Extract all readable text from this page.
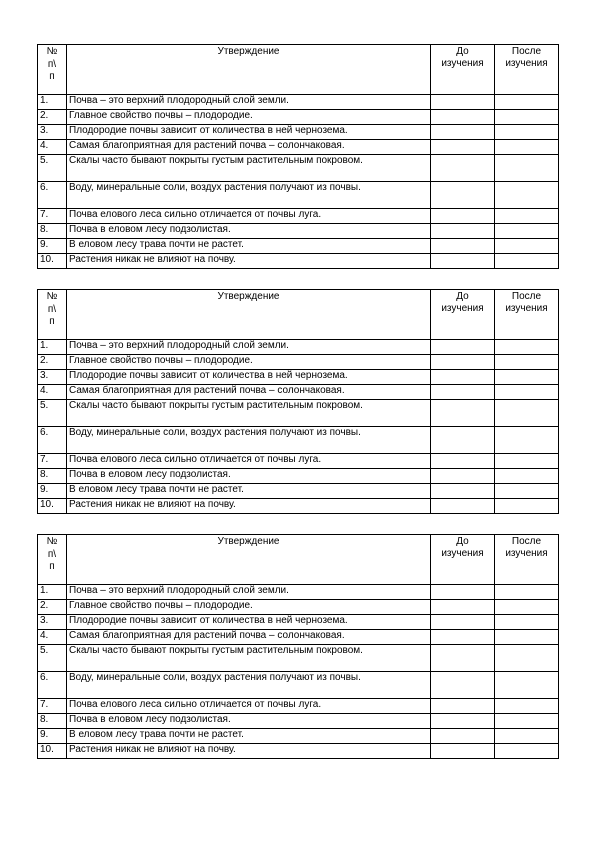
№
п\
п	Утверждение	До
изучения	После
изучения
1.	Почва – это верхний плодородный слой земли.		
2.	Главное свойство почвы – плодородие.		
3.	Плодородие почвы зависит от количества в ней чернозема.		
4.	Самая благоприятная для растений почва – солончаковая.		
5.	Скалы часто бывают покрыты густым растительным покровом.		
6.	Воду, минеральные соли, воздух растения получают из почвы.		
7.	Почва елового леса сильно отличается от почвы луга.		
8.	Почва в еловом лесу подзолистая.		
9.	В еловом лесу трава почти не растет.		
10.	Растения никак не влияют на почву.		
№
п\
п	Утверждение	До
изучения	После
изучения
1.	Почва – это верхний плодородный слой земли.		
2.	Главное свойство почвы – плодородие.		
3.	Плодородие почвы зависит от количества в ней чернозема.		
4.	Самая благоприятная для растений почва – солончаковая.		
5.	Скалы часто бывают покрыты густым растительным покровом.		
6.	Воду, минеральные соли, воздух растения получают из почвы.		
7.	Почва елового леса сильно отличается от почвы луга.		
8.	Почва в еловом лесу подзолистая.		
9.	В еловом лесу трава почти не растет.		
10.	Растения никак не влияют на почву.		
№
п\
п	Утверждение	До
изучения	После
изучения
1.	Почва – это верхний плодородный слой земли.		
2.	Главное свойство почвы – плодородие.		
3.	Плодородие почвы зависит от количества в ней чернозема.		
4.	Самая благоприятная для растений почва – солончаковая.		
5.	Скалы часто бывают покрыты густым растительным покровом.		
6.	Воду, минеральные соли, воздух растения получают из почвы.		
7.	Почва елового леса сильно отличается от почвы луга.		
8.	Почва в еловом лесу подзолистая.		
9.	В еловом лесу трава почти не растет.		
10.	Растения никак не влияют на почву.		
